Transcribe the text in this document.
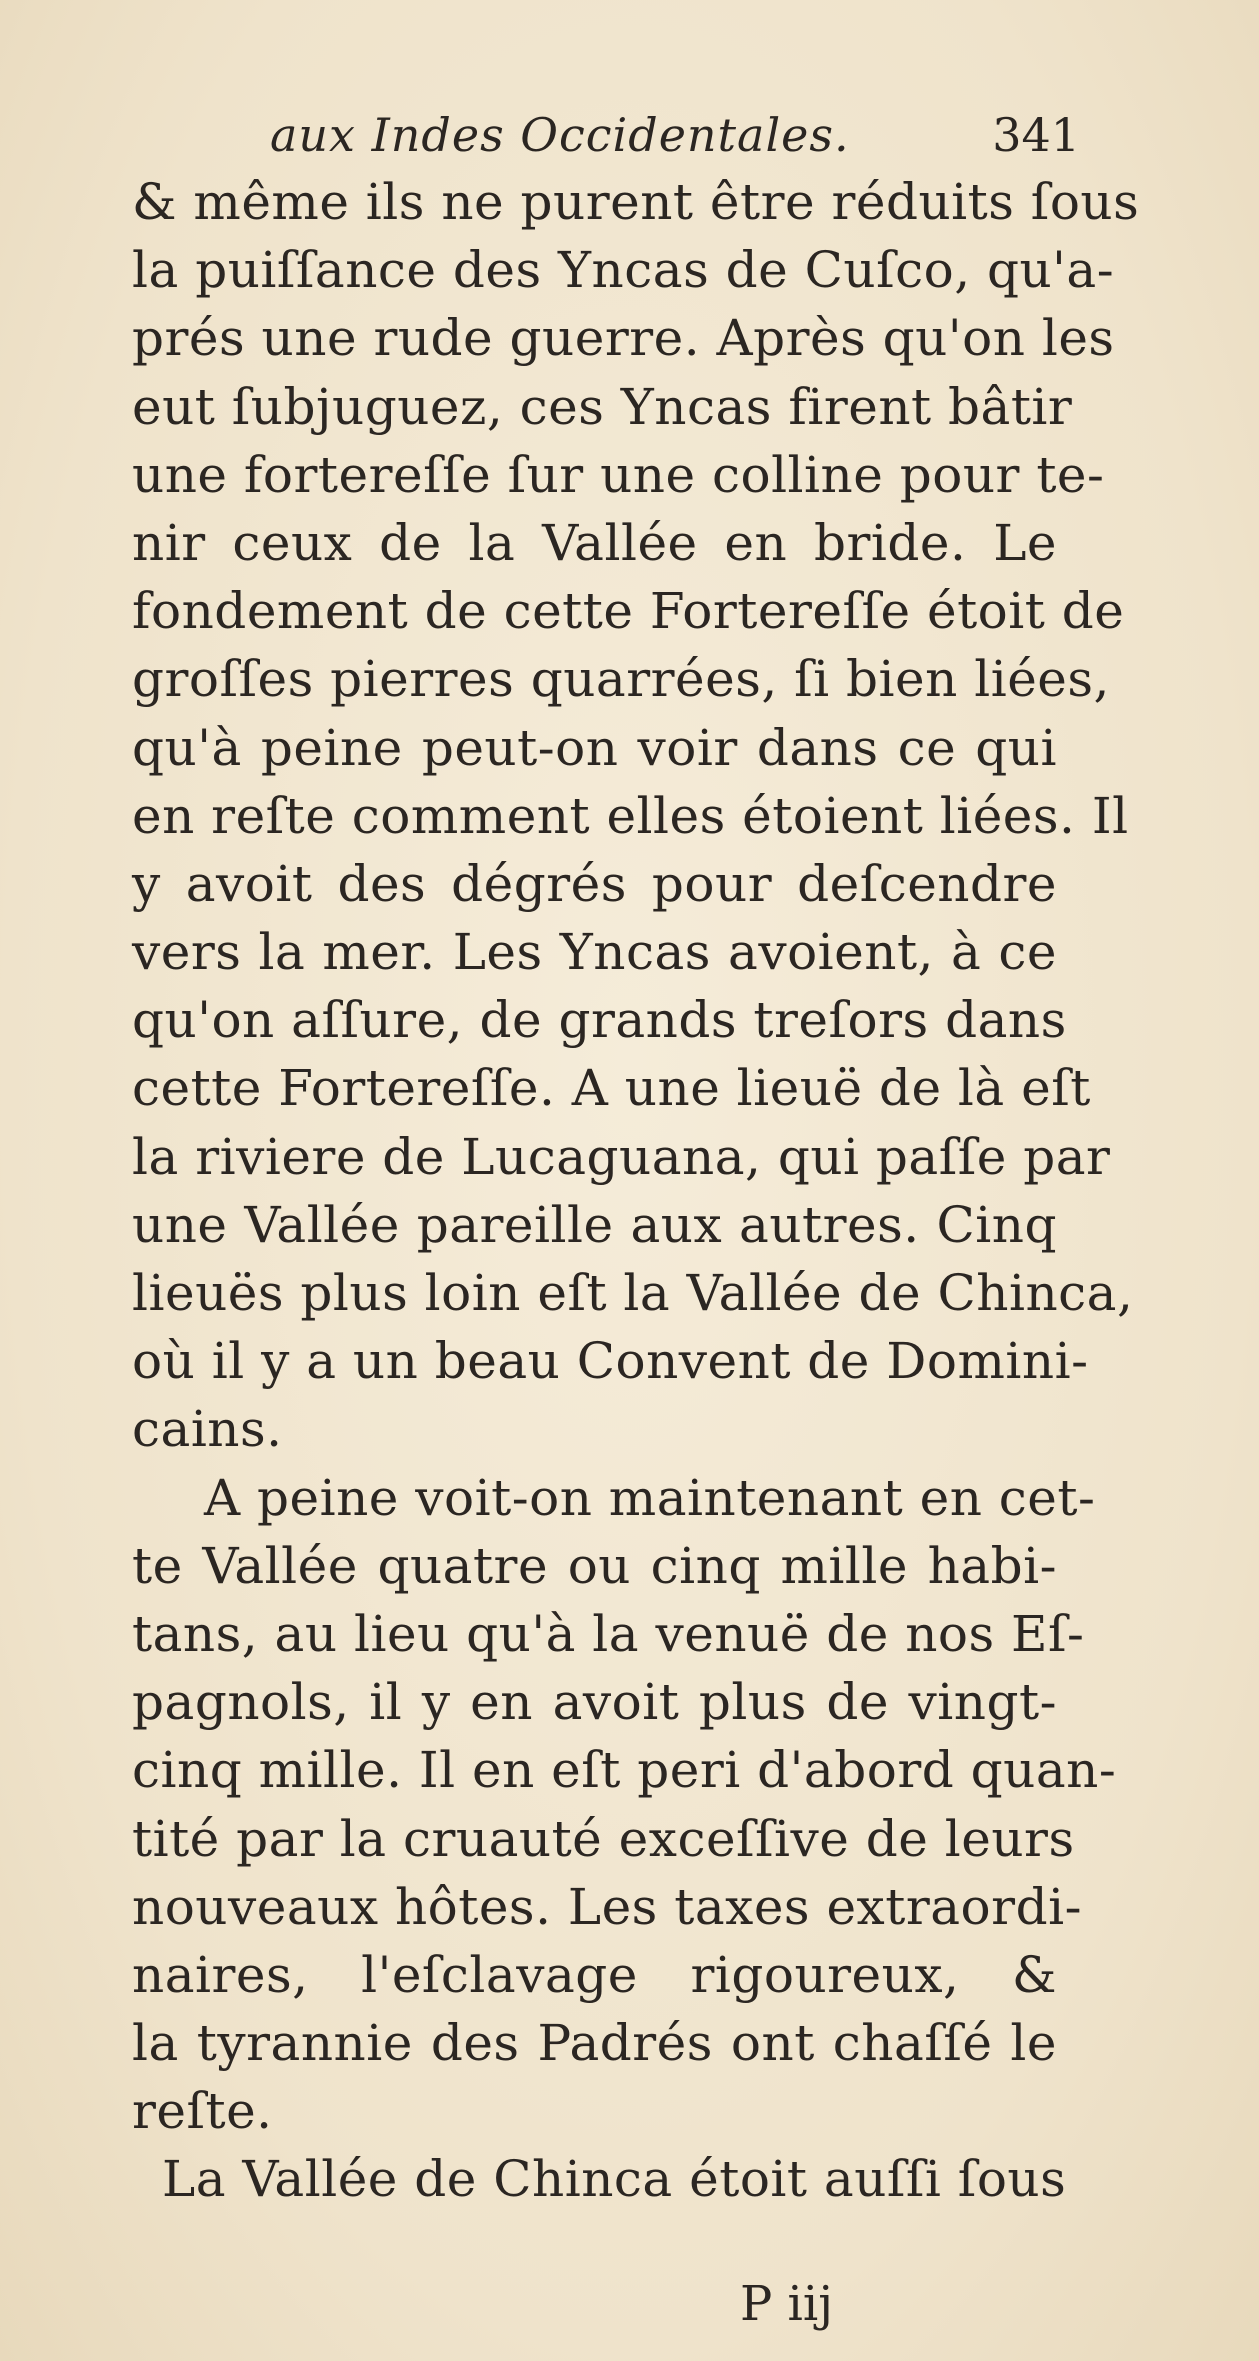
aux Indes Occidentales.	341
& même ils ne purent être réduits ſous
la puiſſance des Yncas de Cuſco, qu'a-
prés une rude guerre. Après qu'on les
eut ſubjuguez, ces Yncas firent bâtir
une fortereſſe ſur une colline pour te-
nir ceux de la Vallée en bride. Le
fondement de cette Fortereſſe étoit de
groſſes pierres quarrées, ſi bien liées,
qu'à peine peut-on voir dans ce qui
en reſte comment elles étoient liées. Il
y avoit des dégrés pour deſcendre
vers la mer. Les Yncas avoient, à ce
qu'on aſſure, de grands treſors dans
cette Fortereſſe. A une lieuë de là eſt
la riviere de Lucaguana, qui paſſe par
une Vallée pareille aux autres. Cinq
lieuës plus loin eſt la Vallée de Chinca,
où il y a un beau Convent de Domini-
cains.
A peine voit-on maintenant en cet-
te Vallée quatre ou cinq mille habi-
tans, au lieu qu'à la venuë de nos Eſ-
pagnols, il y en avoit plus de vingt-
cinq mille. Il en eſt peri d'abord quan-
tité par la cruauté exceſſive de leurs
nouveaux hôtes. Les taxes extraordi-
naires, l'eſclavage rigoureux, &
la tyrannie des Padrés ont chaſſé le
reſte.
La Vallée de Chinca étoit auſſi ſous
P iij
